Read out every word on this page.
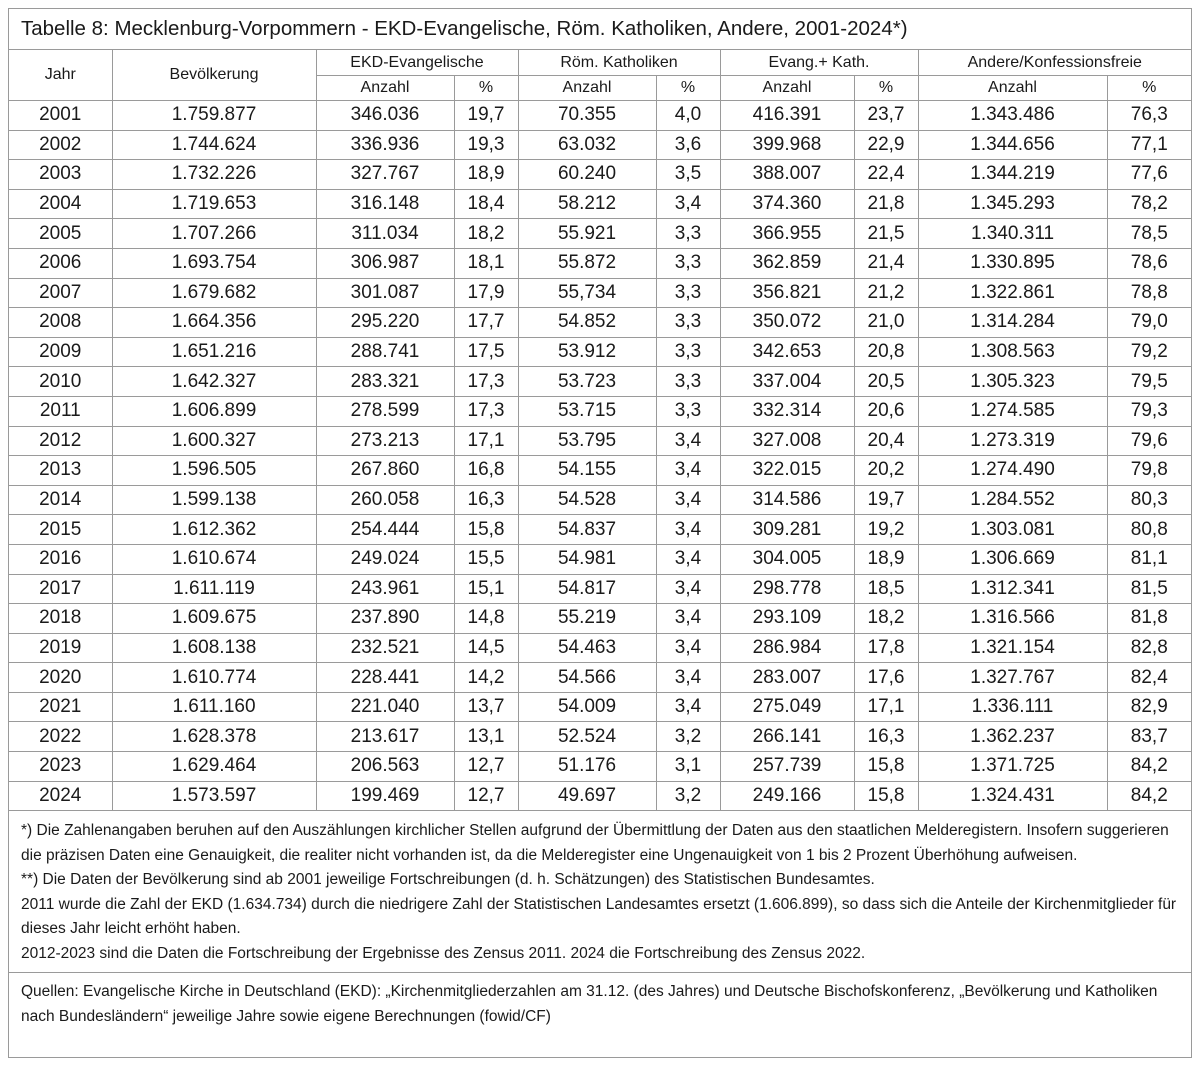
Tabelle 8: Mecklenburg-Vorpommern - EKD-Evangelische, Röm. Katholiken, Andere, 2001-2024*)
Jahr	Bevölkerung	EKD-Evangelische		Röm. Katholiken		Evang.+ Kath.		Andere/Konfessionsfreie	
		Anzahl	%	Anzahl	%	Anzahl	%	Anzahl	%
2001	1.759.877	346.036	19,7	70.355	4,0	416.391	23,7	1.343.486	76,3
2002	1.744.624	336.936	19,3	63.032	3,6	399.968	22,9	1.344.656	77,1
2003	1.732.226	327.767	18,9	60.240	3,5	388.007	22,4	1.344.219	77,6
2004	1.719.653	316.148	18,4	58.212	3,4	374.360	21,8	1.345.293	78,2
2005	1.707.266	311.034	18,2	55.921	3,3	366.955	21,5	1.340.311	78,5
2006	1.693.754	306.987	18,1	55.872	3,3	362.859	21,4	1.330.895	78,6
2007	1.679.682	301.087	17,9	55,734	3,3	356.821	21,2	1.322.861	78,8
2008	1.664.356	295.220	17,7	54.852	3,3	350.072	21,0	1.314.284	79,0
2009	1.651.216	288.741	17,5	53.912	3,3	342.653	20,8	1.308.563	79,2
2010	1.642.327	283.321	17,3	53.723	3,3	337.004	20,5	1.305.323	79,5
2011	1.606.899	278.599	17,3	53.715	3,3	332.314	20,6	1.274.585	79,3
2012	1.600.327	273.213	17,1	53.795	3,4	327.008	20,4	1.273.319	79,6
2013	1.596.505	267.860	16,8	54.155	3,4	322.015	20,2	1.274.490	79,8
2014	1.599.138	260.058	16,3	54.528	3,4	314.586	19,7	1.284.552	80,3
2015	1.612.362	254.444	15,8	54.837	3,4	309.281	19,2	1.303.081	80,8
2016	1.610.674	249.024	15,5	54.981	3,4	304.005	18,9	1.306.669	81,1
2017	1.611.119	243.961	15,1	54.817	3,4	298.778	18,5	1.312.341	81,5
2018	1.609.675	237.890	14,8	55.219	3,4	293.109	18,2	1.316.566	81,8
2019	1.608.138	232.521	14,5	54.463	3,4	286.984	17,8	1.321.154	82,8
2020	1.610.774	228.441	14,2	54.566	3,4	283.007	17,6	1.327.767	82,4
2021	1.611.160	221.040	13,7	54.009	3,4	275.049	17,1	1.336.111	82,9
2022	1.628.378	213.617	13,1	52.524	3,2	266.141	16,3	1.362.237	83,7
2023	1.629.464	206.563	12,7	51.176	3,1	257.739	15,8	1.371.725	84,2
2024	1.573.597	199.469	12,7	49.697	3,2	249.166	15,8	1.324.431	84,2

*) Die Zahlenangaben beruhen auf den Auszählungen kirchlicher Stellen aufgrund der Übermittlung der Daten aus den staatlichen Melderegistern. Insofern suggerieren die präzisen Daten eine Genauigkeit, die realiter nicht vorhanden ist, da die Melderegister eine Ungenauigkeit von 1 bis 2 Prozent Überhöhung aufweisen.

**) Die Daten der Bevölkerung sind ab 2001 jeweilige Fortschreibungen (d. h. Schätzungen) des Statistischen Bundesamtes.

2011 wurde die Zahl der EKD (1.634.734) durch die niedrigere Zahl der Statistischen Landesamtes ersetzt (1.606.899), so dass sich die Anteile der Kirchenmitglieder für dieses Jahr leicht erhöht haben.

2012-2023 sind die Daten die Fortschreibung der Ergebnisse des Zensus 2011. 2024 die Fortschreibung des Zensus 2022.

Quellen: Evangelische Kirche in Deutschland (EKD): „Kirchenmitgliederzahlen am 31.12. (des Jahres) und Deutsche Bischofskonferenz, „Bevölkerung und Katholiken nach Bundesländern“ jeweilige Jahre sowie eigene Berechnungen (fowid/CF)
